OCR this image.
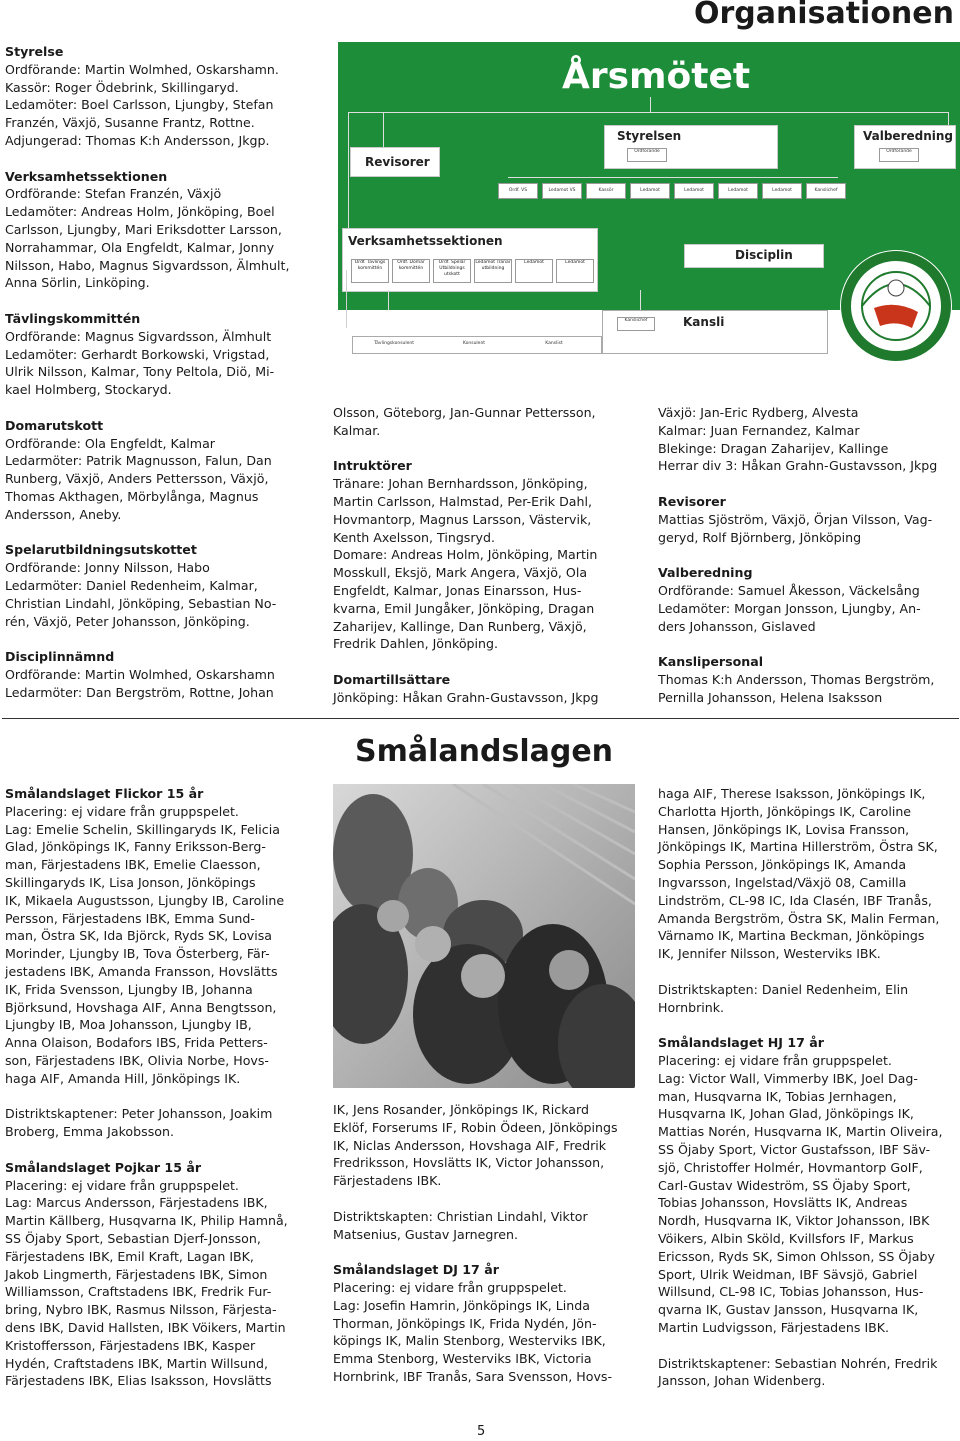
Organisationen
Styrelse

Ordförande: Martin Wolmhed, Oskarshamn.

Kassör: Roger Ödebrink, Skillingaryd.

Ledamöter: Boel Carlsson, Ljungby, Stefan

Franzén, Växjö, Susanne Frantz, Rottne.

Adjungerad: Thomas K:h Andersson, Jkgp.

Verksamhetssektionen

Ordförande: Stefan Franzén, Växjö

Ledamöter: Andreas Holm, Jönköping, Boel

Carlsson, Ljungby, Mari Eriksdotter Larsson,

Norrahammar, Ola Engfeldt, Kalmar, Jonny

Nilsson, Habo, Magnus Sigvardsson, Älmhult,

Anna Sörlin, Linköping.

Tävlingskommittén

Ordförande: Magnus Sigvardsson, Älmhult

Ledamöter: Gerhardt Borkowski, Vrigstad,

Ulrik Nilsson, Kalmar, Tony Peltola, Diö, Mi-

kael Holmberg, Stockaryd.

Domarutskott

Ordförande: Ola Engfeldt, Kalmar

Ledarmöter: Patrik Magnusson, Falun, Dan

Runberg, Växjö, Anders Pettersson, Växjö,

Thomas Akthagen, Mörbylånga, Magnus

Andersson, Aneby.

Spelarutbildningsutskottet

Ordförande: Jonny Nilsson, Habo

Ledarmöter: Daniel Redenheim, Kalmar,

Christian Lindahl, Jönköping, Sebastian No-

rén, Växjö, Peter Johansson, Jönköping.

Disciplinnämnd

Ordförande: Martin Wolmhed, Oskarshamn

Ledarmöter: Dan Bergström, Rottne, Johan

Årsmötet
Styrelsen
Ordförande
Valberedning
Ordförande
Revisorer
Ordf. VS	Ledamot VS	Kassör	Ledamot	Ledamot	Ledamot	Ledamot	Kanslichef
Verksamhetssektionen
Ordf. Tävlings kommittén
Ordf. Domar kommittén
Ordf. Spelar Utbildnings utskott
Ledamot Tränar utbildning
Ledamot	Ledamot
Disciplin	1986
Kanslichef	Kansli
Tävlingskonsulent	Konsulent	Kanslist

Olsson, Göteborg, Jan-Gunnar Pettersson,

Kalmar.

Intruktörer

Tränare: Johan Bernhardsson, Jönköping,

Martin Carlsson, Halmstad, Per-Erik Dahl,

Hovmantorp, Magnus Larsson, Västervik,

Kenth Axelsson, Tingsryd.

Domare: Andreas Holm, Jönköping, Martin

Mosskull, Eksjö, Mark Angera, Växjö, Ola

Engfeldt, Kalmar, Jonas Einarsson, Hus-

kvarna, Emil Jungåker, Jönköping, Dragan

Zaharijev, Kallinge, Dan Runberg, Växjö,

Fredrik Dahlen, Jönköping.

Domartillsättare

Jönköping: Håkan Grahn-Gustavsson, Jkpg

Växjö: Jan-Eric Rydberg, Alvesta

Kalmar: Juan Fernandez, Kalmar

Blekinge: Dragan Zaharijev, Kallinge

Herrar div 3: Håkan Grahn-Gustavsson, Jkpg

Revisorer

Mattias Sjöström, Växjö, Örjan Vilsson, Vag-

geryd, Rolf Björnberg, Jönköping

Valberedning

Ordförande: Samuel Åkesson, Väckelsång

Ledamöter: Morgan Jonsson, Ljungby, An-

ders Johansson, Gislaved

Kanslipersonal

Thomas K:h Andersson, Thomas Bergström,

Pernilla Johansson, Helena Isaksson

Smålandslagen
Smålandslaget Flickor 15 år

Placering: ej vidare från gruppspelet.

Lag: Emelie Schelin, Skillingaryds IK, Felicia

Glad, Jönköpings IK, Fanny Eriksson-Berg-

man, Färjestadens IBK, Emelie Claesson,

Skillingaryds IK, Lisa Jonson, Jönköpings

IK, Mikaela Augustsson, Ljungby IB, Caroline

Persson, Färjestadens IBK, Emma Sund-

man, Östra SK, Ida Björck, Ryds SK, Lovisa

Morinder, Ljungby IB, Tova Österberg, Fär-

jestadens IBK, Amanda Fransson, Hovslätts

IK, Frida Svensson, Ljungby IB, Johanna

Björksund, Hovshaga AIF, Anna Bengtsson,

Ljungby IB, Moa Johansson, Ljungby IB,

Anna Olaison, Bodafors IBS, Frida Petters-

son, Färjestadens IBK, Olivia Norbe, Hovs-

haga AIF, Amanda Hill, Jönköpings IK.

Distriktskaptener: Peter Johansson, Joakim

Broberg, Emma Jakobsson.

Smålandslaget Pojkar 15 år

Placering: ej vidare från gruppspelet.

Lag: Marcus Andersson, Färjestadens IBK,

Martin Källberg, Husqvarna IK, Philip Hamnå,

SS Öjaby Sport, Sebastian Djerf-Jonsson,

Färjestadens IBK, Emil Kraft, Lagan IBK,

Jakob Lingmerth, Färjestadens IBK, Simon

Williamsson, Craftstadens IBK, Fredrik Fur-

bring, Nybro IBK, Rasmus Nilsson, Färjesta-

dens IBK, David Hallsten, IBK Vöikers, Martin

Kristoffersson, Färjestadens IBK, Kasper

Hydén, Craftstadens IBK, Martin Willsund,

Färjestadens IBK, Elias Isaksson, Hovslätts

IK, Jens Rosander, Jönköpings IK, Rickard

Eklöf, Forserums IF, Robin Ödeen, Jönköpings

IK, Niclas Andersson, Hovshaga AIF, Fredrik

Fredriksson, Hovslätts IK, Victor Johansson,

Färjestadens IBK.

Distriktskapten: Christian Lindahl, Viktor

Matsenius, Gustav Jarnegren.

Smålandslaget DJ 17 år

Placering: ej vidare från gruppspelet.

Lag: Josefin Hamrin, Jönköpings IK, Linda

Thorman, Jönköpings IK, Frida Nydén, Jön-

köpings IK, Malin Stenborg, Westerviks IBK,

Emma Stenborg, Westerviks IBK, Victoria

Hornbrink, IBF Tranås, Sara Svensson, Hovs-

haga AIF, Therese Isaksson, Jönköpings IK,

Charlotta Hjorth, Jönköpings IK, Caroline

Hansen, Jönköpings IK, Lovisa Fransson,

Jönköpings IK, Martina Hillerström, Östra SK,

Sophia Persson, Jönköpings IK, Amanda

Ingvarsson, Ingelstad/Växjö 08, Camilla

Lindström, CL-98 IC, Ida Clasén, IBF Tranås,

Amanda Bergström, Östra SK, Malin Ferman,

Värnamo IK, Martina Beckman, Jönköpings

IK, Jennifer Nilsson, Westerviks IBK.

Distriktskapten: Daniel Redenheim, Elin

Hornbrink.

Smålandslaget HJ 17 år

Placering: ej vidare från gruppspelet.

Lag: Victor Wall, Vimmerby IBK, Joel Dag-

man, Husqvarna IK, Tobias Jernhagen,

Husqvarna IK, Johan Glad, Jönköpings IK,

Mattias Norén, Husqvarna IK, Martin Oliveira,

SS Öjaby Sport, Victor Gustafsson, IBF Säv-

sjö, Christoffer Holmér, Hovmantorp GoIF,

Carl-Gustav Wideström, SS Öjaby Sport,

Tobias Johansson, Hovslätts IK, Andreas

Nordh, Husqvarna IK, Viktor Johansson, IBK

Vöikers, Albin Sköld, Kvillsfors IF, Markus

Ericsson, Ryds SK, Simon Ohlsson, SS Öjaby

Sport, Ulrik Weidman, IBF Sävsjö, Gabriel

Willsund, CL-98 IC, Tobias Johansson, Hus-

qvarna IK, Gustav Jansson, Husqvarna IK,

Martin Ludvigsson, Färjestadens IBK.

Distriktskaptener: Sebastian Nohrén, Fredrik

Jansson, Johan Widenberg.

5
